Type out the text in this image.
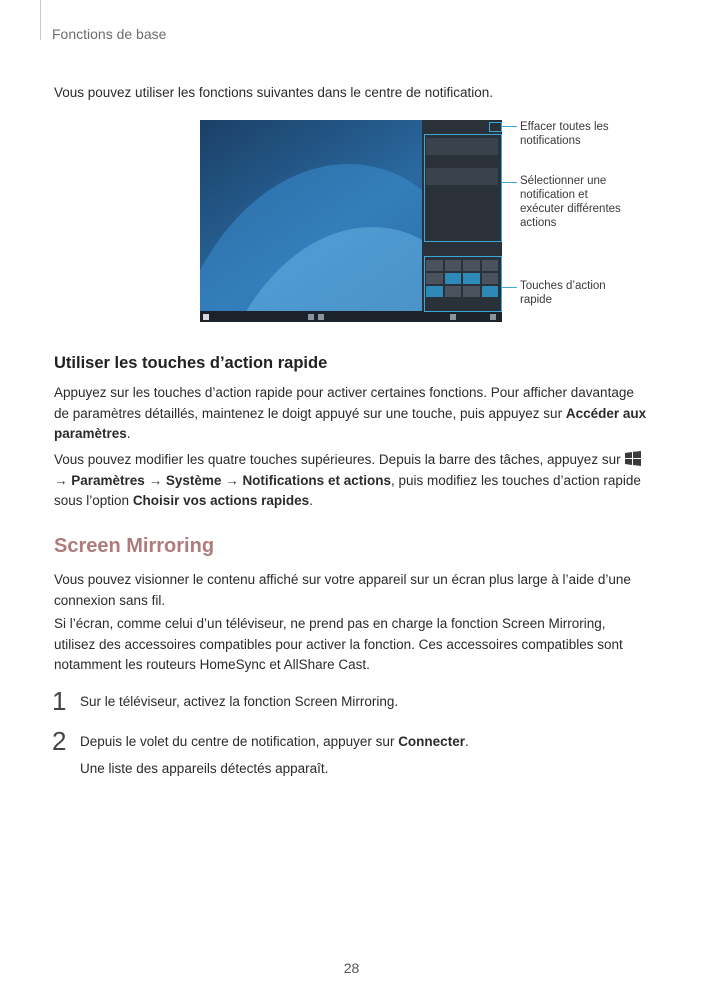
Fonctions de base

Vous pouvez utiliser les fonctions suivantes dans le centre de notification.

Effacer toutes les notifications
Sélectionner une notification et exécuter différentes actions
Touches d’action rapide
Utiliser les touches d’action rapide

Appuyez sur les touches d’action rapide pour activer certaines fonctions. Pour afficher davantage de paramètres détaillés, maintenez le doigt appuyé sur une touche, puis appuyez sur Accéder aux paramètres.

Vous pouvez modifier les quatre touches supérieures. Depuis la barre des tâches, appuyez sur  → Paramètres → Système → Notifications et actions, puis modifiez les touches d’action rapide sous l’option Choisir vos actions rapides.

Screen Mirroring

Vous pouvez visionner le contenu affiché sur votre appareil sur un écran plus large à l’aide d’une connexion sans fil.

Si l’écran, comme celui d’un téléviseur, ne prend pas en charge la fonction Screen Mirroring, utilisez des accessoires compatibles pour activer la fonction. Ces accessoires compatibles sont notamment les routeurs HomeSync et AllShare Cast.

1 Sur le téléviseur, activez la fonction Screen Mirroring.

2 Depuis le volet du centre de notification, appuyer sur Connecter.

Une liste des appareils détectés apparaît.

28
